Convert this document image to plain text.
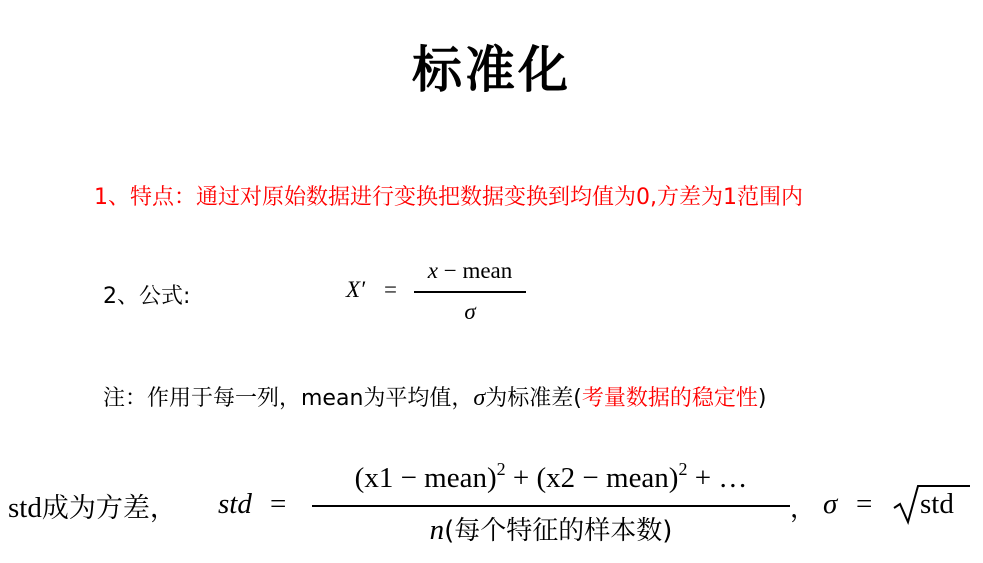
标准化
1、特点：通过对原始数据进行变换把数据变换到均值为0,方差为1范围内
2、公式:	X′ =
x − mean
σ
注：作用于每一列，mean为平均值，σ为标准差(考量数据的稳定性)
std成为方差， std =
(x1 − mean)$^2$ + (x2 − mean)$^2$ + …
n(每个特征的样本数)
， σ = std
